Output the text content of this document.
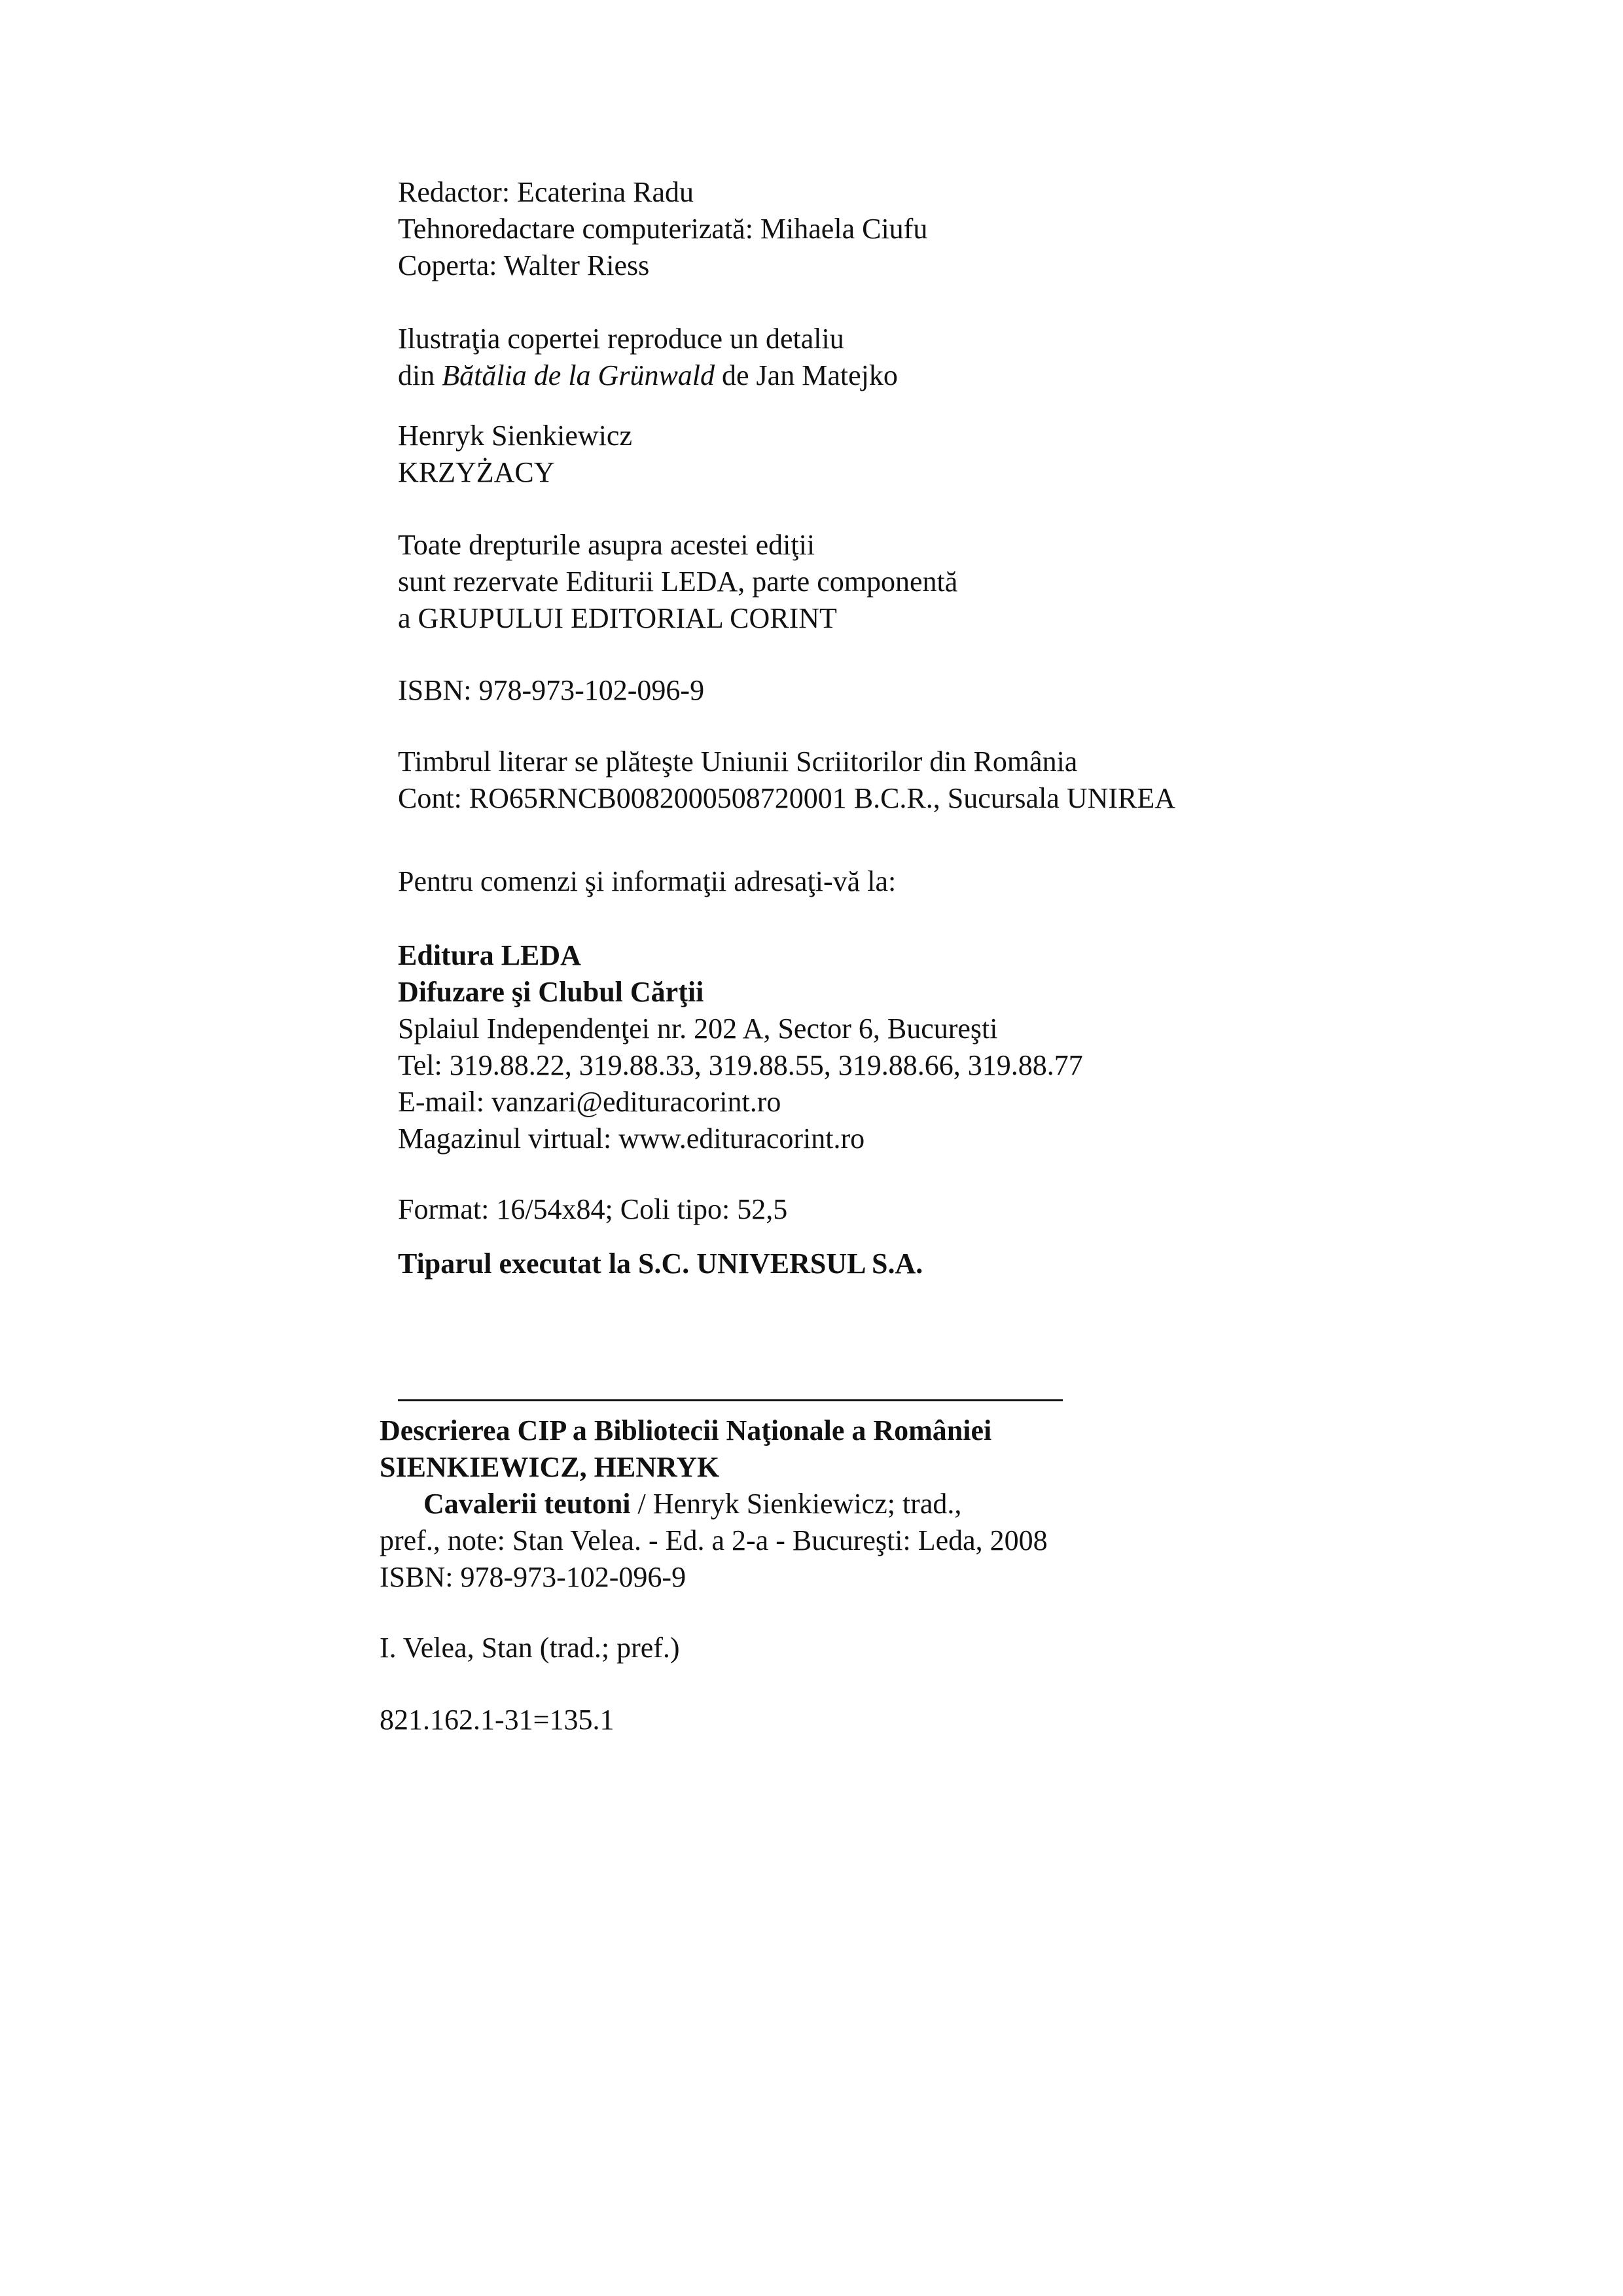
Redactor: Ecaterina Radu
Tehnoredactare computerizată: Mihaela Ciufu
Coperta: Walter Riess
Ilustraţia copertei reproduce un detaliu
din Bătălia de la Grünwald de Jan Matejko
Henryk Sienkiewicz
KRZYŻACY
Toate drepturile asupra acestei ediţii
sunt rezervate Editurii LEDA, parte componentă
a GRUPULUI EDITORIAL CORINT
ISBN: 978-973-102-096-9
Timbrul literar se plăteşte Uniunii Scriitorilor din România
Cont: RO65RNCB0082000508720001 B.C.R., Sucursala UNIREA
Pentru comenzi şi informaţii adresaţi-vă la:
Editura LEDA
Difuzare şi Clubul Cărţii
Splaiul Independenţei nr. 202 A, Sector 6, Bucureşti
Tel: 319.88.22, 319.88.33, 319.88.55, 319.88.66, 319.88.77
E-mail: vanzari@edituracorint.ro
Magazinul virtual: www.edituracorint.ro
Format: 16/54x84; Coli tipo: 52,5
Tiparul executat la S.C. UNIVERSUL S.A.
Descrierea CIP a Bibliotecii Naţionale a României
SIENKIEWICZ, HENRYK
Cavalerii teutoni / Henryk Sienkiewicz; trad.,
pref., note: Stan Velea. - Ed. a 2-a - Bucureşti: Leda, 2008
ISBN: 978-973-102-096-9
I. Velea, Stan (trad.; pref.)
821.162.1-31=135.1
